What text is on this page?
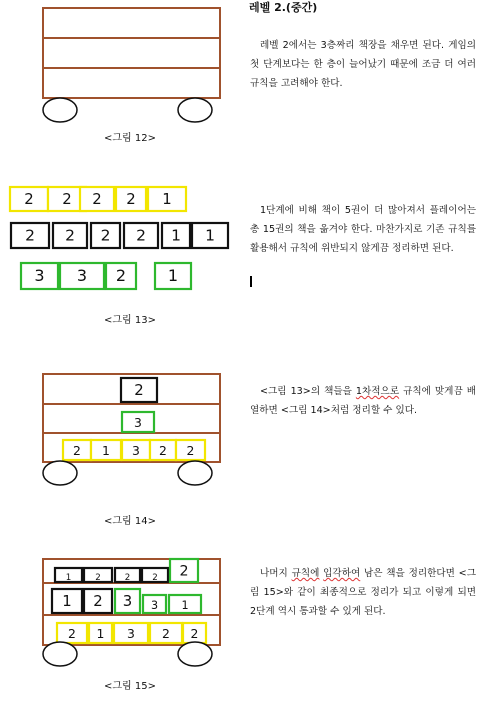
<그림 12>
2 2 2 2 1
2 2 2 2 1 1
3 3 2	1
<그림 13>
2
3
2 1 3 2 2
<그림 14>
1	2	2	2 2
1 2 3 3 1
2 1 3 2 2
<그림 15>
레벨 2.(중간)
레벨 2에서는 3층짜리 책장을 채우면 된다. 게임의 첫 단계보다는 한 층이 늘어났기 때문에 조금 더 여러 규칙을 고려해야 한다.
1단계에 비해 책이 5권이 더 많아져서 플레이어는 총 15권의 책을 옮겨야 한다. 마찬가지로 기존 규칙를 활용해서 규칙에 위반되지 않게끔 정리하면 된다.
<그림 13>의 책들을 1차적으로 규칙에 맞게끔 배열하면 <그림 14>처럼 정리할 수 있다.
나머지 규칙에 입각하여 남은 책을 정리한다면 <그림 15>와 같이 최종적으로 정리가 되고 이렇게 되면 2단계 역시 통과할 수 있게 된다.
